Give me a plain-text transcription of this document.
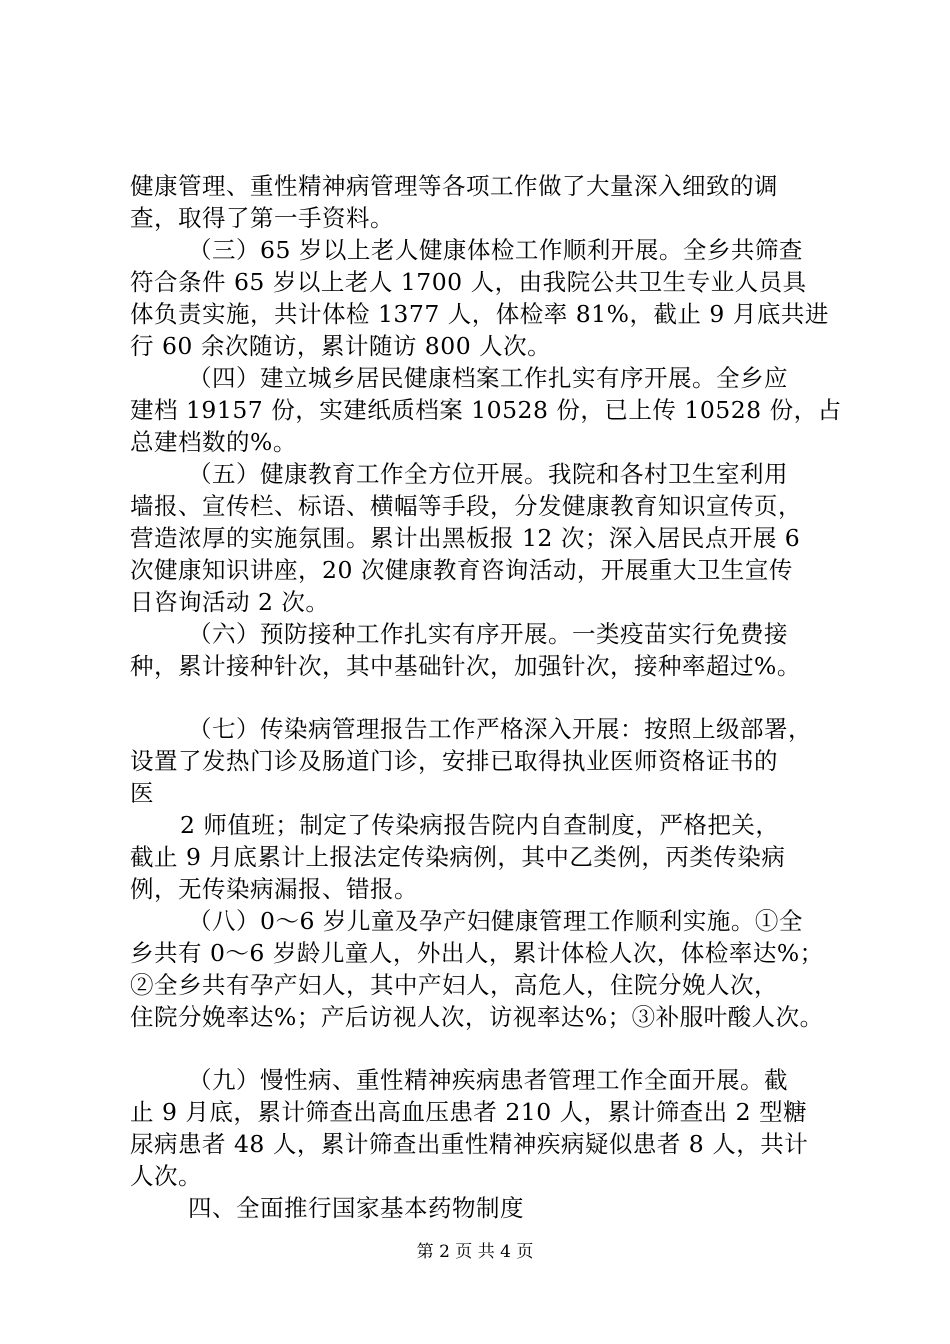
健康管理、重性精神病管理等各项工作做了大量深入细致的调
查，取得了第一手资料。
（三）65 岁以上老人健康体检工作顺利开展。全乡共筛查
符合条件 65 岁以上老人 1700 人，由我院公共卫生专业人员具
体负责实施，共计体检 1377 人，体检率 81%，截止 9 月底共进
行 60 余次随访，累计随访 800 人次。
（四）建立城乡居民健康档案工作扎实有序开展。全乡应
建档 19157 份，实建纸质档案 10528 份，已上传 10528 份，占
总建档数的%。
（五）健康教育工作全方位开展。我院和各村卫生室利用
墙报、宣传栏、标语、横幅等手段，分发健康教育知识宣传页，
营造浓厚的实施氛围。累计出黑板报 12 次；深入居民点开展 6
次健康知识讲座，20 次健康教育咨询活动，开展重大卫生宣传
日咨询活动 2 次。
（六）预防接种工作扎实有序开展。一类疫苗实行免费接
种，累计接种针次，其中基础针次，加强针次，接种率超过%。
（七）传染病管理报告工作严格深入开展：按照上级部署，
设置了发热门诊及肠道门诊，安排已取得执业医师资格证书的
医
2 师值班；制定了传染病报告院内自查制度，严格把关，
截止 9 月底累计上报法定传染病例，其中乙类例，丙类传染病
例，无传染病漏报、错报。
（八）0～6 岁儿童及孕产妇健康管理工作顺利实施。①全
乡共有 0～6 岁龄儿童人，外出人，累计体检人次，体检率达%；
②全乡共有孕产妇人，其中产妇人，高危人，住院分娩人次，
住院分娩率达%；产后访视人次，访视率达%；③补服叶酸人次。
（九）慢性病、重性精神疾病患者管理工作全面开展。截
止 9 月底，累计筛查出高血压患者 210 人，累计筛查出 2 型糖
尿病患者 48 人，累计筛查出重性精神疾病疑似患者 8 人，共计
人次。
四、全面推行国家基本药物制度
第 2 页 共 4 页
